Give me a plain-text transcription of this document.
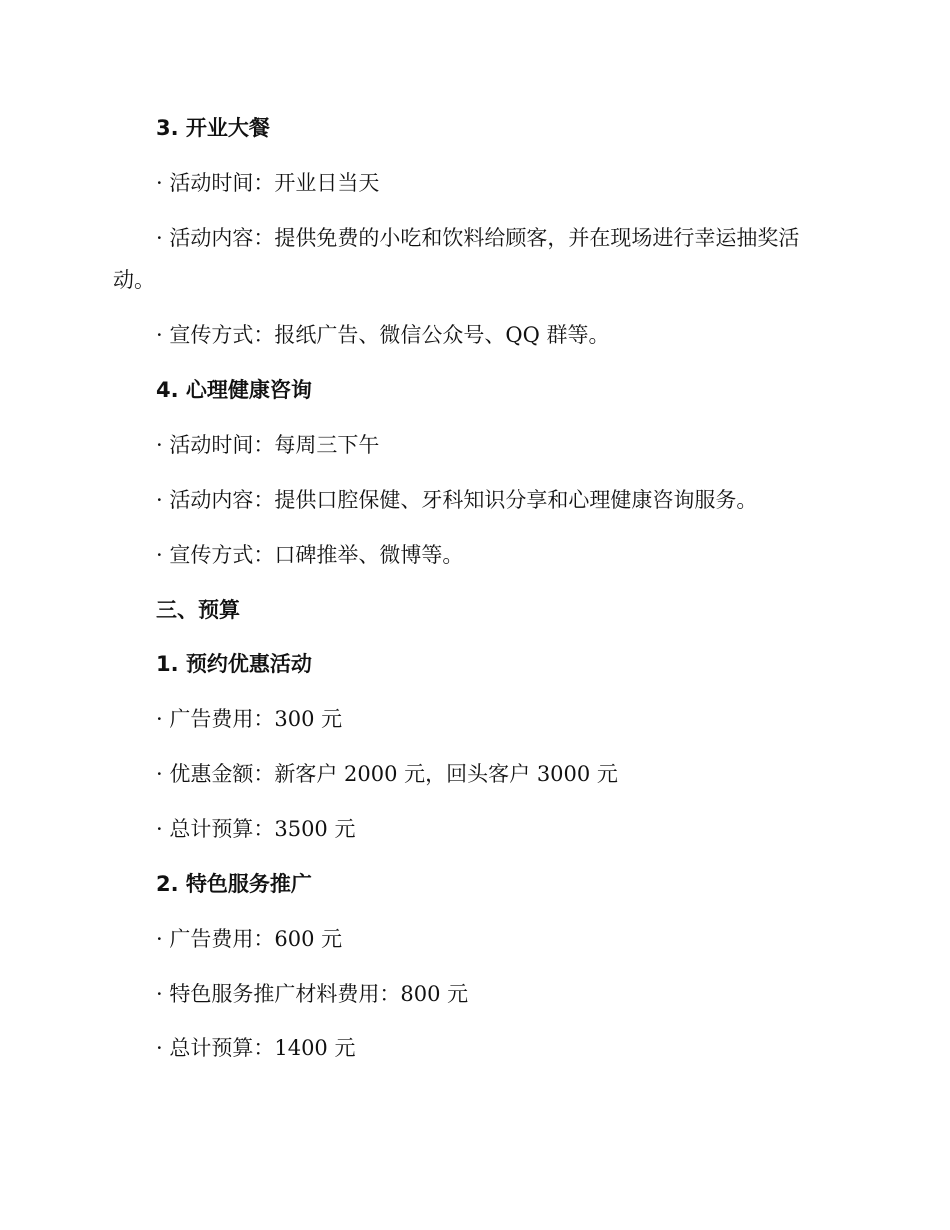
3. 开业大餐
· 活动时间：开业日当天
· 活动内容：提供免费的小吃和饮料给顾客，并在现场进行幸运抽奖活
动。
· 宣传方式：报纸广告、微信公众号、QQ 群等。
4. 心理健康咨询
· 活动时间：每周三下午
· 活动内容：提供口腔保健、牙科知识分享和心理健康咨询服务。
· 宣传方式：口碑推举、微博等。
三、预算
1. 预约优惠活动
· 广告费用：300 元
· 优惠金额：新客户 2000 元，回头客户 3000 元
· 总计预算：3500 元
2. 特色服务推广
· 广告费用：600 元
· 特色服务推广材料费用：800 元
· 总计预算：1400 元
